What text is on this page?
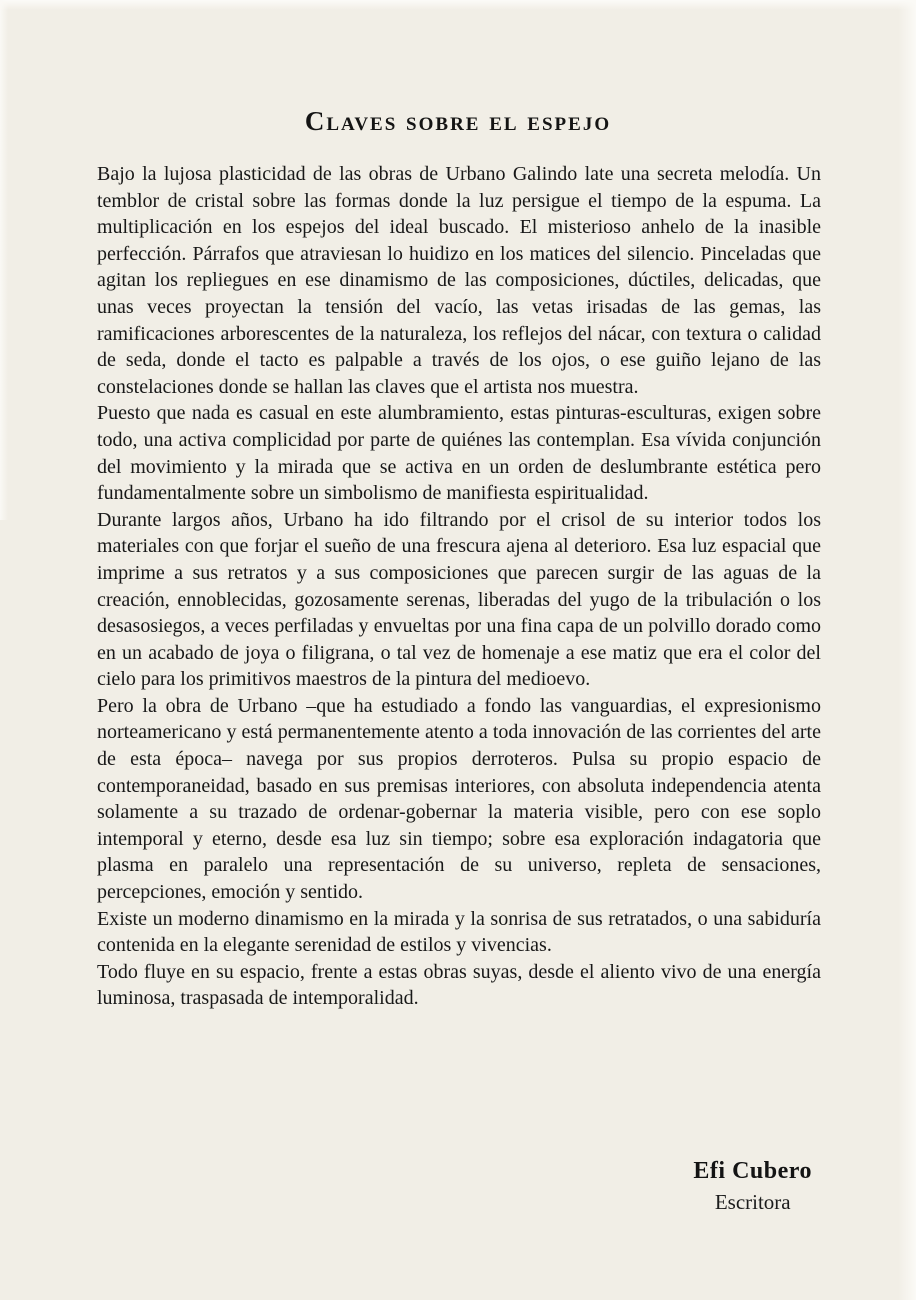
Claves sobre el espejo

Bajo la lujosa plasticidad de las obras de Urbano Galindo late una secreta melodía. Un temblor de cristal sobre las formas donde la luz persigue el tiempo de la espuma. La multiplicación en los espejos del ideal buscado. El misterioso anhelo de la inasible perfección. Párrafos que atraviesan lo huidizo en los matices del silencio. Pinceladas que agitan los repliegues en ese dinamismo de las composiciones, dúctiles, delicadas, que unas veces proyectan la tensión del vacío, las vetas irisadas de las gemas, las ramificaciones arborescentes de la naturaleza, los reflejos del nácar, con textura o calidad de seda, donde el tacto es palpable a través de los ojos, o ese guiño lejano de las constelaciones donde se hallan las claves que el artista nos muestra.

Puesto que nada es casual en este alumbramiento, estas pinturas-esculturas, exigen sobre todo, una activa complicidad por parte de quiénes las contemplan. Esa vívida conjunción del movimiento y la mirada que se activa en un orden de deslumbrante estética pero fundamentalmente sobre un simbolismo de manifiesta espiritualidad.

Durante largos años, Urbano ha ido filtrando por el crisol de su interior todos los materiales con que forjar el sueño de una frescura ajena al deterioro. Esa luz espacial que imprime a sus retratos y a sus composiciones que parecen surgir de las aguas de la creación, ennoblecidas, gozosamente serenas, liberadas del yugo de la tribulación o los desasosiegos, a veces perfiladas y envueltas por una fina capa de un polvillo dorado como en un acabado de joya o filigrana, o tal vez de homenaje a ese matiz que era el color del cielo para los primitivos maestros de la pintura del medioevo.

Pero la obra de Urbano –que ha estudiado a fondo las vanguardias, el expresionismo norteamericano y está permanentemente atento a toda innovación de las corrientes del arte de esta época– navega por sus propios derroteros. Pulsa su propio espacio de contemporaneidad, basado en sus premisas interiores, con absoluta independencia atenta solamente a su trazado de ordenar-gobernar la materia visible, pero con ese soplo intemporal y eterno, desde esa luz sin tiempo; sobre esa exploración indagatoria que plasma en paralelo una representación de su universo, repleta de sensaciones, percepciones, emoción y sentido.

Existe un moderno dinamismo en la mirada y la sonrisa de sus retratados, o una sabiduría contenida en la elegante serenidad de estilos y vivencias.

Todo fluye en su espacio, frente a estas obras suyas, desde el aliento vivo de una energía luminosa, traspasada de intemporalidad.

Efi Cubero
Escritora
